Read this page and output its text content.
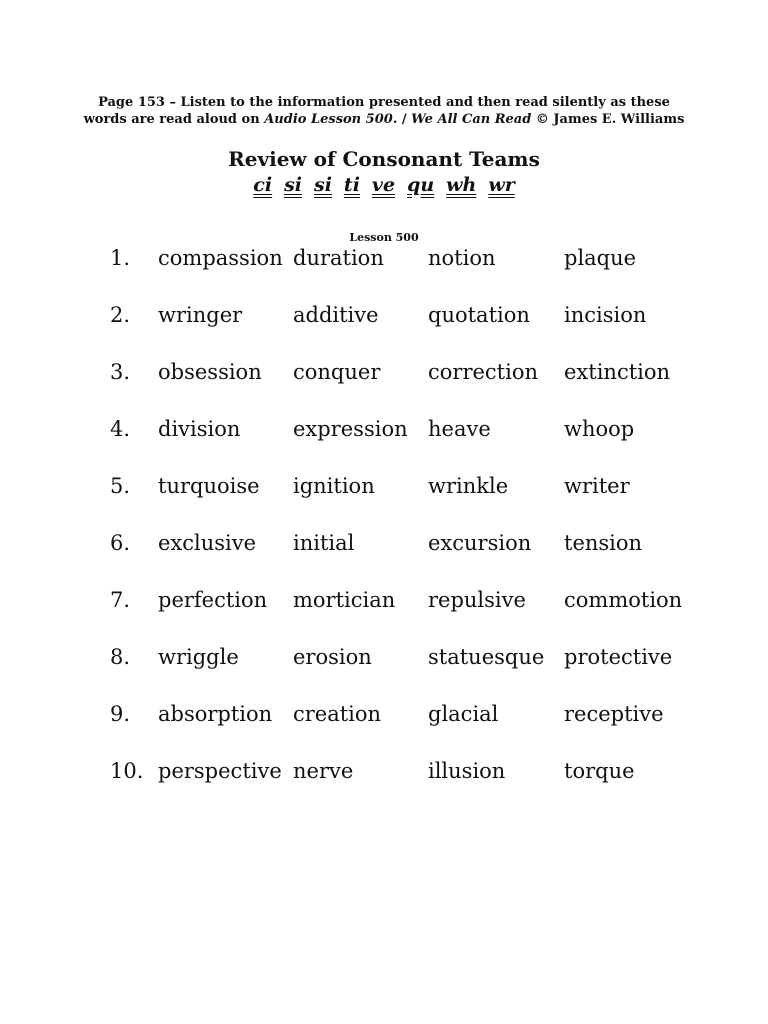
Page 153 – Listen to the information presented and then read silently as these
words are read aloud on Audio Lesson 500. / We All Can Read © James E. Williams
Review of Consonant Teams
ci si si ti ve qu wh wr
Lesson 500
1. compassion duration notion	plaque
2. wringer additive quotation incision
3. obsession conquer correction extinction
4. division	expression heave	whoop
5. turquoise ignition	wrinkle	writer
6. exclusive initial	excursion tension
7. perfection mortician repulsive commotion
8. wriggle	erosion	statuesque protective
9. absorption creation glacial	receptive
10. perspective nerve	illusion	torque
